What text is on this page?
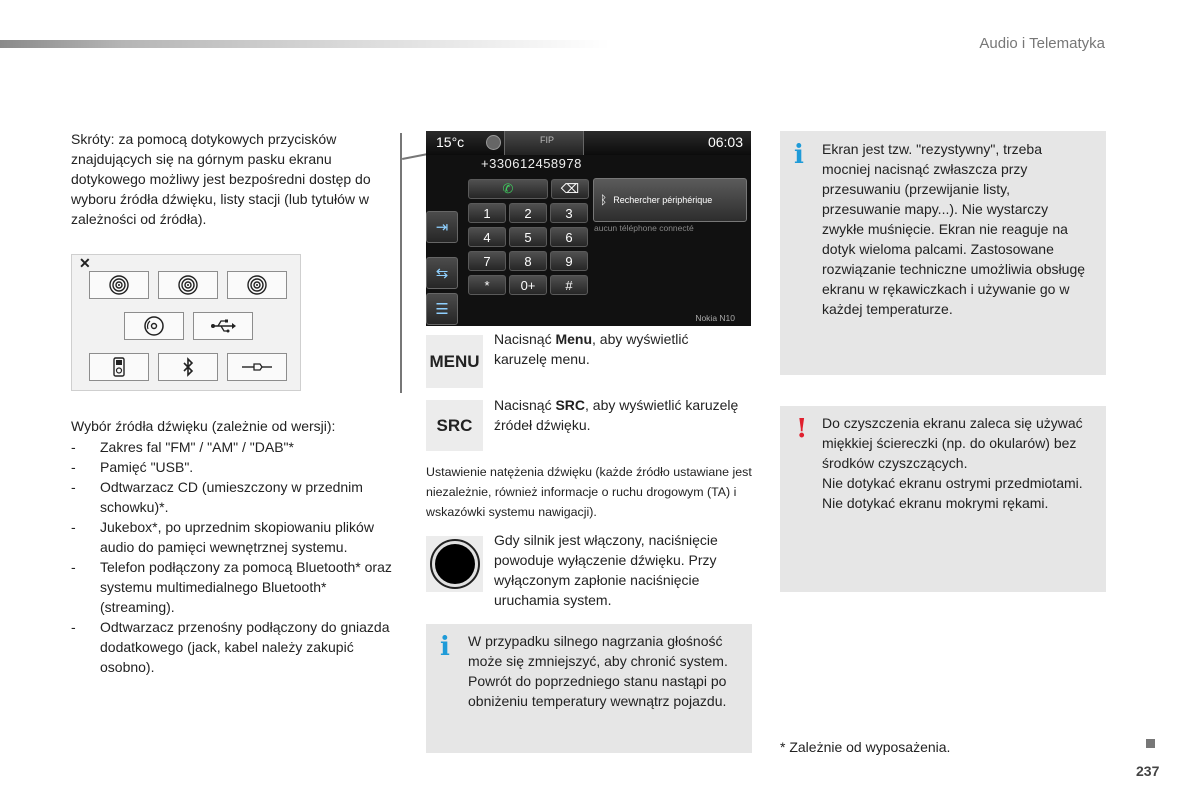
Audio i Telematyka
Skróty: za pomocą dotykowych przycisków znajdujących się na górnym pasku ekranu dotykowego możliwy jest bezpośredni dostęp do wyboru źródła dźwięku, listy stacji (lub tytułów w zależności od źródła).
✕
Wybór źródła dźwięku (zależnie od wersji):
-	Zakres fal "FM" / "AM" / "DAB"*
-	Pamięć "USB".
-	Odtwarzacz CD (umieszczony w przednim schowku)*.
-	Jukebox*, po uprzednim skopiowaniu plików audio do pamięci wewnętrznej systemu.
-	Telefon podłączony za pomocą Bluetooth* oraz systemu multimedialnego Bluetooth* (streaming).
-	Odtwarzacz przenośny podłączony do gniazda dodatkowego (jack, kabel należy zakupić osobno).
15°c	FIP	06:03
+330612458978
⇥
⇆
☰
✆	⌫
1	2	3
4	5	6
7	8	9
*	0+	#
ᛒ Rechercher périphérique
aucun téléphone connecté
Nokia N10
MENU
Nacisnąć Menu, aby wyświetlić karuzelę menu.
SRC
Nacisnąć SRC, aby wyświetlić karuzelę źródeł dźwięku.
Ustawienie natężenia dźwięku (każde źródło ustawiane jest niezależnie, również informacje o ruchu drogowym (TA) i wskazówki systemu nawigacji).
Gdy silnik jest włączony, naciśnięcie powoduje wyłączenie dźwięku. Przy wyłączonym zapłonie naciśnięcie uruchamia system.
i W przypadku silnego nagrzania głośność może się zmniejszyć, aby chronić system. Powrót do poprzedniego stanu nastąpi po obniżeniu temperatury wewnątrz pojazdu.
i Ekran jest tzw. "rezystywny", trzeba mocniej nacisnąć zwłaszcza przy przesuwaniu (przewijanie listy, przesuwanie mapy...). Nie wystarczy zwykłe muśnięcie. Ekran nie reaguje na dotyk wieloma palcami. Zastosowane rozwiązanie techniczne umożliwia obsługę ekranu w rękawiczkach i używanie go w każdej temperaturze.
! Do czyszczenia ekranu zaleca się używać miękkiej ściereczki (np. do okularów) bez środków czyszczących.
Nie dotykać ekranu ostrymi przedmiotami.
Nie dotykać ekranu mokrymi rękami.
* Zależnie od wyposażenia.
237
